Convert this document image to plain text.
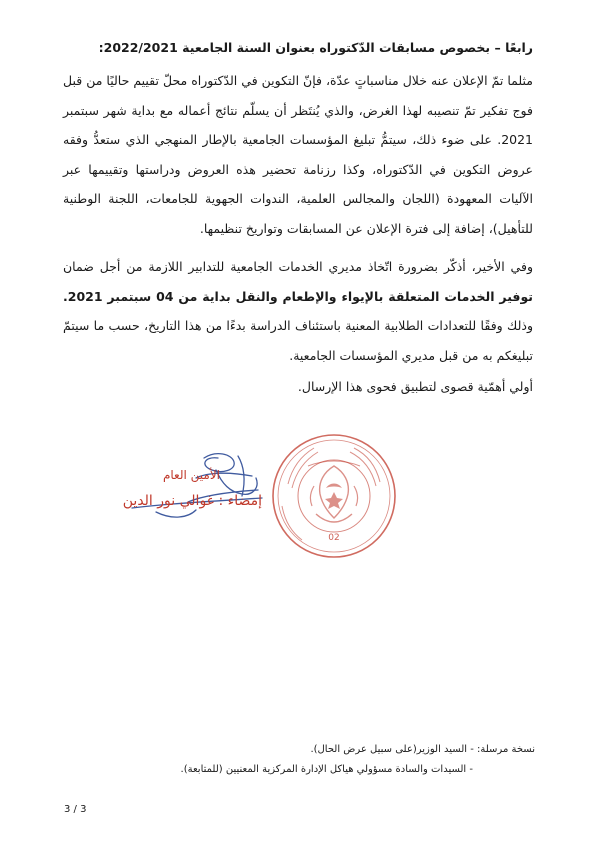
رابعًا – بخصوص مسابقات الدّكتوراه بعنوان السنة الجامعية 2022/2021:
مثلما تمّ الإعلان عنه خلال مناسباتٍ عدّة، فإنّ التكوين في الدّكتوراه محلّ تقييم حاليًا من قبل فوج تفكير تمّ تنصيبه لهذا الغرض، والذي يُنتَظر أن يسلّم نتائج أعماله مع بداية شهر سبتمبر 2021. على ضوء ذلك، سيتمُّ تبليغ المؤسسات الجامعية بالإطار المنهجي الذي ستعدُّ وفقه عروض التكوين في الدّكتوراه، وكذا رزنامة تحضير هذه العروض ودراستها وتقييمها عبر الآليات المعهودة (اللجان والمجالس العلمية، الندوات الجهوية للجامعات، اللجنة الوطنية للتأهيل)، إضافة إلى فترة الإعلان عن المسابقات وتواريخ تنظيمها.
وفي الأخير، أذكّر بضرورة اتّخاذ مديري الخدمات الجامعية للتدابير اللازمة من أجل ضمان توفير الخدمات المتعلقة بالإيواء والإطعام والنقل بداية من 04 سبتمبر 2021. وذلك وفقًا للتعدادات الطلابية المعنية باستئناف الدراسة بدءًا من هذا التاريخ، حسب ما سيتمّ تبليغكم به من قبل مديري المؤسسات الجامعية.
أولي أهمّية قصوى لتطبيق فحوى هذا الإرسال.
02
الأمين العام
إمضاء : غوالي نور الدين
نسخة مرسلة: - السيد الوزير(على سبيل عرض الحال).
- السيدات والسادة مسؤولي هياكل الإدارة المركزية المعنيين (للمتابعة).
3 / 3
